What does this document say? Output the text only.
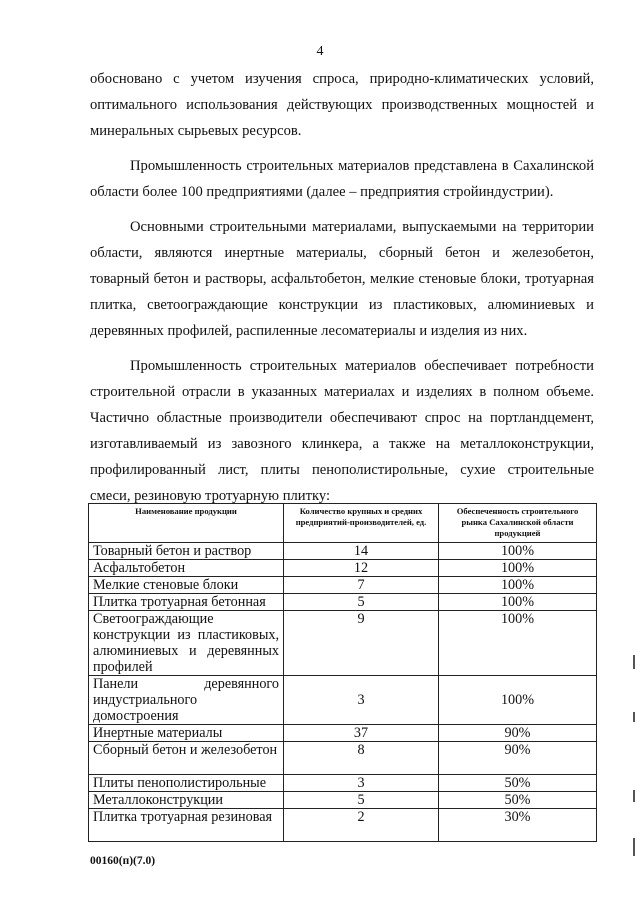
4

обосновано с учетом изучения спроса, природно-климатических условий, оптимального использования действующих производственных мощностей и минеральных сырьевых ресурсов.

Промышленность строительных материалов представлена в Сахалинской области более 100 предприятиями (далее – предприятия стройиндустрии).

Основными строительными материалами, выпускаемыми на территории области, являются инертные материалы, сборный бетон и железобетон, товарный бетон и растворы, асфальтобетон, мелкие стеновые блоки, тротуарная плитка, светоограждающие конструкции из пластиковых, алюминиевых и деревянных профилей, распиленные лесоматериалы и изделия из них.

Промышленность строительных материалов обеспечивает потребности строительной отрасли в указанных материалах и изделиях в полном объеме. Частично областные производители обеспечивают спрос на портландцемент, изготавливаемый из завозного клинкера, а также на металлоконструкции, профилированный лист, плиты пенополистирольные, сухие строительные смеси, резиновую тротуарную плитку:

Наименование продукции	Количество крупных и средних предприятий-производителей, ед.	Обеспеченность строительного рынка Сахалинской области продукцией
Товарный бетон и раствор	14	100%
Асфальтобетон	12	100%
Мелкие стеновые блоки	7	100%
Плитка тротуарная бетонная	5	100%
Светоограждающие конструкции из пластиковых, алюминиевых и деревянных профилей	9	100%
Панели деревянного индустриального домостроения	3	100%
Инертные материалы	37	90%
Сборный бетон и железобетон	8	90%
Плиты пенополистирольные	3	50%
Металлоконструкции	5	50%
Плитка тротуарная резиновая	2	30%
00160(п)(7.0)
